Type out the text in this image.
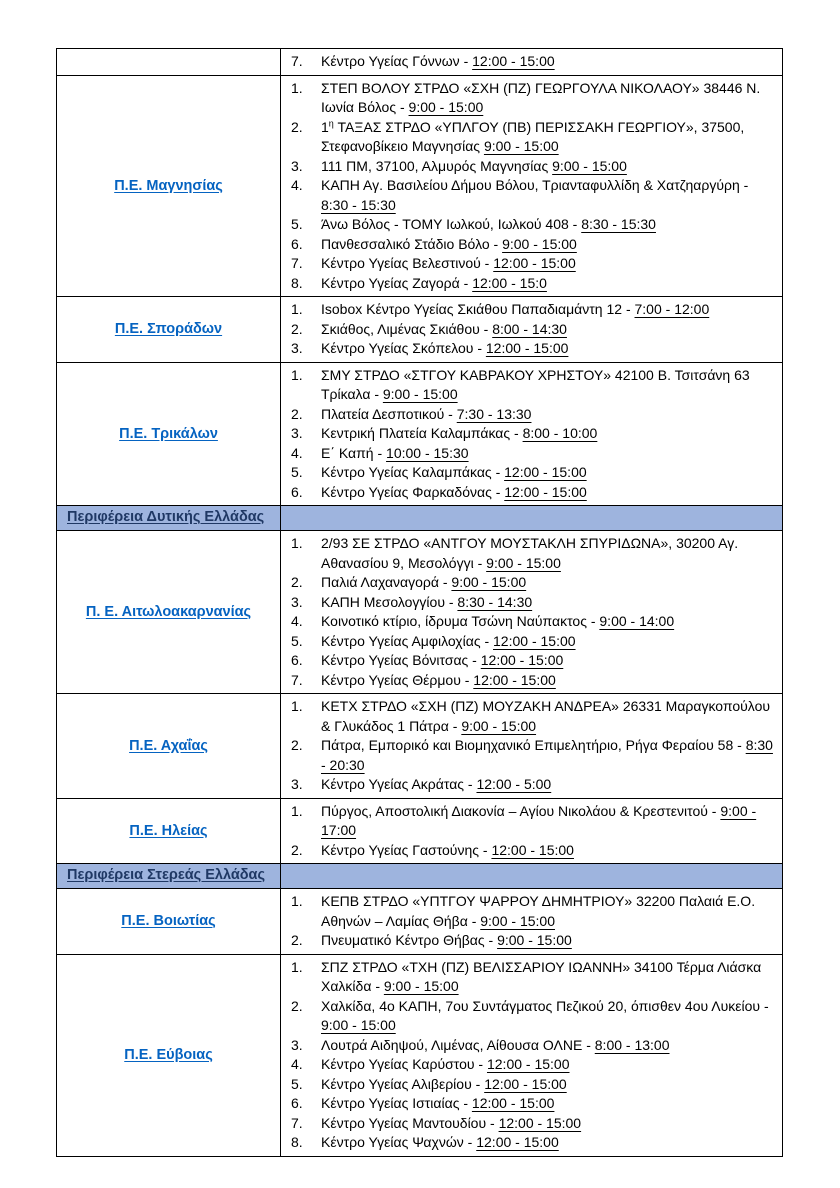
	7. Κέντρο Υγείας Γόννων - 12:00 - 15:00

Π.Ε. Μαγνησίας	
1.	ΣΤΕΠ ΒΟΛΟΥ ΣΤΡΔΟ «ΣΧΗ (ΠΖ) ΓΕΩΡΓΟΥΛΑ ΝΙΚΟΛΑΟΥ» 38446 Ν. Ιωνία Βόλος - 9:00 - 15:00
2.	$1^\eta$ ΤΑΞΑΣ ΣΤΡΔΟ «ΥΠΛΓΟΥ (ΠΒ) ΠΕΡΙΣΣΑΚΗ ΓΕΩΡΓΙΟΥ», 37500, Στεφανοβίκειο Μαγνησίας 9:00 - 15:00
3.	111 ΠΜ, 37100, Αλμυρός Μαγνησίας 9:00 - 15:00
4.	ΚΑΠΗ Αγ. Βασιλείου Δήμου Βόλου, Τριανταφυλλίδη & Χατζηαργύρη - 8:30 - 15:30
5.	Άνω Βόλος - ΤΟΜΥ Ιωλκού, Ιωλκού 408 - 8:30 - 15:30
6.	Πανθεσσαλικό Στάδιο Βόλο - 9:00 - 15:00
7.	Κέντρο Υγείας Βελεστινού - 12:00 - 15:00
8.	Κέντρο Υγείας Ζαγορά - 12:00 - 15:0

Π.Ε. Σποράδων	
1.	Isobox Κέντρο Υγείας Σκιάθου Παπαδιαμάντη 12 - 7:00 - 12:00
2.	Σκιάθος, Λιμένας Σκιάθου - 8:00 - 14:30
3.	Κέντρο Υγείας Σκόπελου - 12:00 - 15:00

Π.Ε. Τρικάλων	
1.	ΣΜΥ ΣΤΡΔΟ «ΣΤΓΟΥ ΚΑΒΡΑΚΟΥ ΧΡΗΣΤΟΥ» 42100 Β. Τσιτσάνη 63 Τρίκαλα - 9:00 - 15:00
2.	Πλατεία Δεσποτικού - 7:30 - 13:30
3.	Κεντρική Πλατεία Καλαμπάκας - 8:00 - 10:00
4.	Ε΄ Καπή - 10:00 - 15:30
5.	Κέντρο Υγείας Καλαμπάκας - 12:00 - 15:00
6.	Κέντρο Υγείας Φαρκαδόνας - 12:00 - 15:00

Περιφέρεια Δυτικής Ελλάδας	
Π. Ε. Αιτωλοακαρνανίας	
1.	2/93 ΣΕ ΣΤΡΔΟ «ΑΝΤΓΟΥ ΜΟΥΣΤΑΚΛΗ ΣΠΥΡΙΔΩΝΑ», 30200 Αγ. Αθανασίου 9, Μεσολόγγι - 9:00 - 15:00
2.	Παλιά Λαχαναγορά - 9:00 - 15:00
3.	ΚΑΠΗ Μεσολογγίου - 8:30 - 14:30
4.	Κοινοτικό κτίριο, ίδρυμα Τσώνη Ναύπακτος - 9:00 - 14:00
5.	Κέντρο Υγείας Αμφιλοχίας - 12:00 - 15:00
6.	Κέντρο Υγείας Βόνιτσας - 12:00 - 15:00
7.	Κέντρο Υγείας Θέρμου - 12:00 - 15:00

Π.Ε. Αχαΐας	
1.	ΚΕΤΧ ΣΤΡΔΟ «ΣΧΗ (ΠΖ) ΜΟΥΖΑΚΗ ΑΝΔΡΕΑ» 26331 Μαραγκοπούλου & Γλυκάδος 1 Πάτρα - 9:00 - 15:00
2.	Πάτρα, Εμπορικό και Βιομηχανικό Επιμελητήριο, Ρήγα Φεραίου 58 - 8:30 - 20:30
3.	Κέντρο Υγείας Ακράτας - 12:00 - 5:00

Π.Ε. Ηλείας	1. Πύργος, Αποστολική Διακονία – Αγίου Νικολάου & Κρεστενιτού - 9:00 - 17:00
2. Κέντρο Υγείας Γαστούνης - 12:00 - 15:00

Περιφέρεια Στερεάς Ελλάδας	
Π.Ε. Βοιωτίας	1. ΚΕΠΒ ΣΤΡΔΟ «ΥΠΤΓΟΥ ΨΑΡΡΟΥ ΔΗΜΗΤΡΙΟΥ» 32200 Παλαιά Ε.Ο. Αθηνών – Λαμίας Θήβα - 9:00 - 15:00
2. Πνευματικό Κέντρο Θήβας - 9:00 - 15:00

Π.Ε. Εύβοιας	
1.	ΣΠΖ ΣΤΡΔΟ «ΤΧΗ (ΠΖ) ΒΕΛΙΣΣΑΡΙΟΥ ΙΩΑΝΝΗ» 34100 Τέρμα Λιάσκα Χαλκίδα - 9:00 - 15:00
2.	Χαλκίδα, 4ο ΚΑΠΗ, 7ου Συντάγματος Πεζικού 20, όπισθεν 4ου Λυκείου - 9:00 - 15:00
3.	Λουτρά Αιδηψού, Λιμένας, Αίθουσα ΟΛΝΕ - 8:00 - 13:00
4.	Κέντρο Υγείας Καρύστου - 12:00 - 15:00
5.	Κέντρο Υγείας Αλιβερίου - 12:00 - 15:00
6.	Κέντρο Υγείας Ιστιαίας - 12:00 - 15:00
7.	Κέντρο Υγείας Μαντουδίου - 12:00 - 15:00
8.	Κέντρο Υγείας Ψαχνών - 12:00 - 15:00
